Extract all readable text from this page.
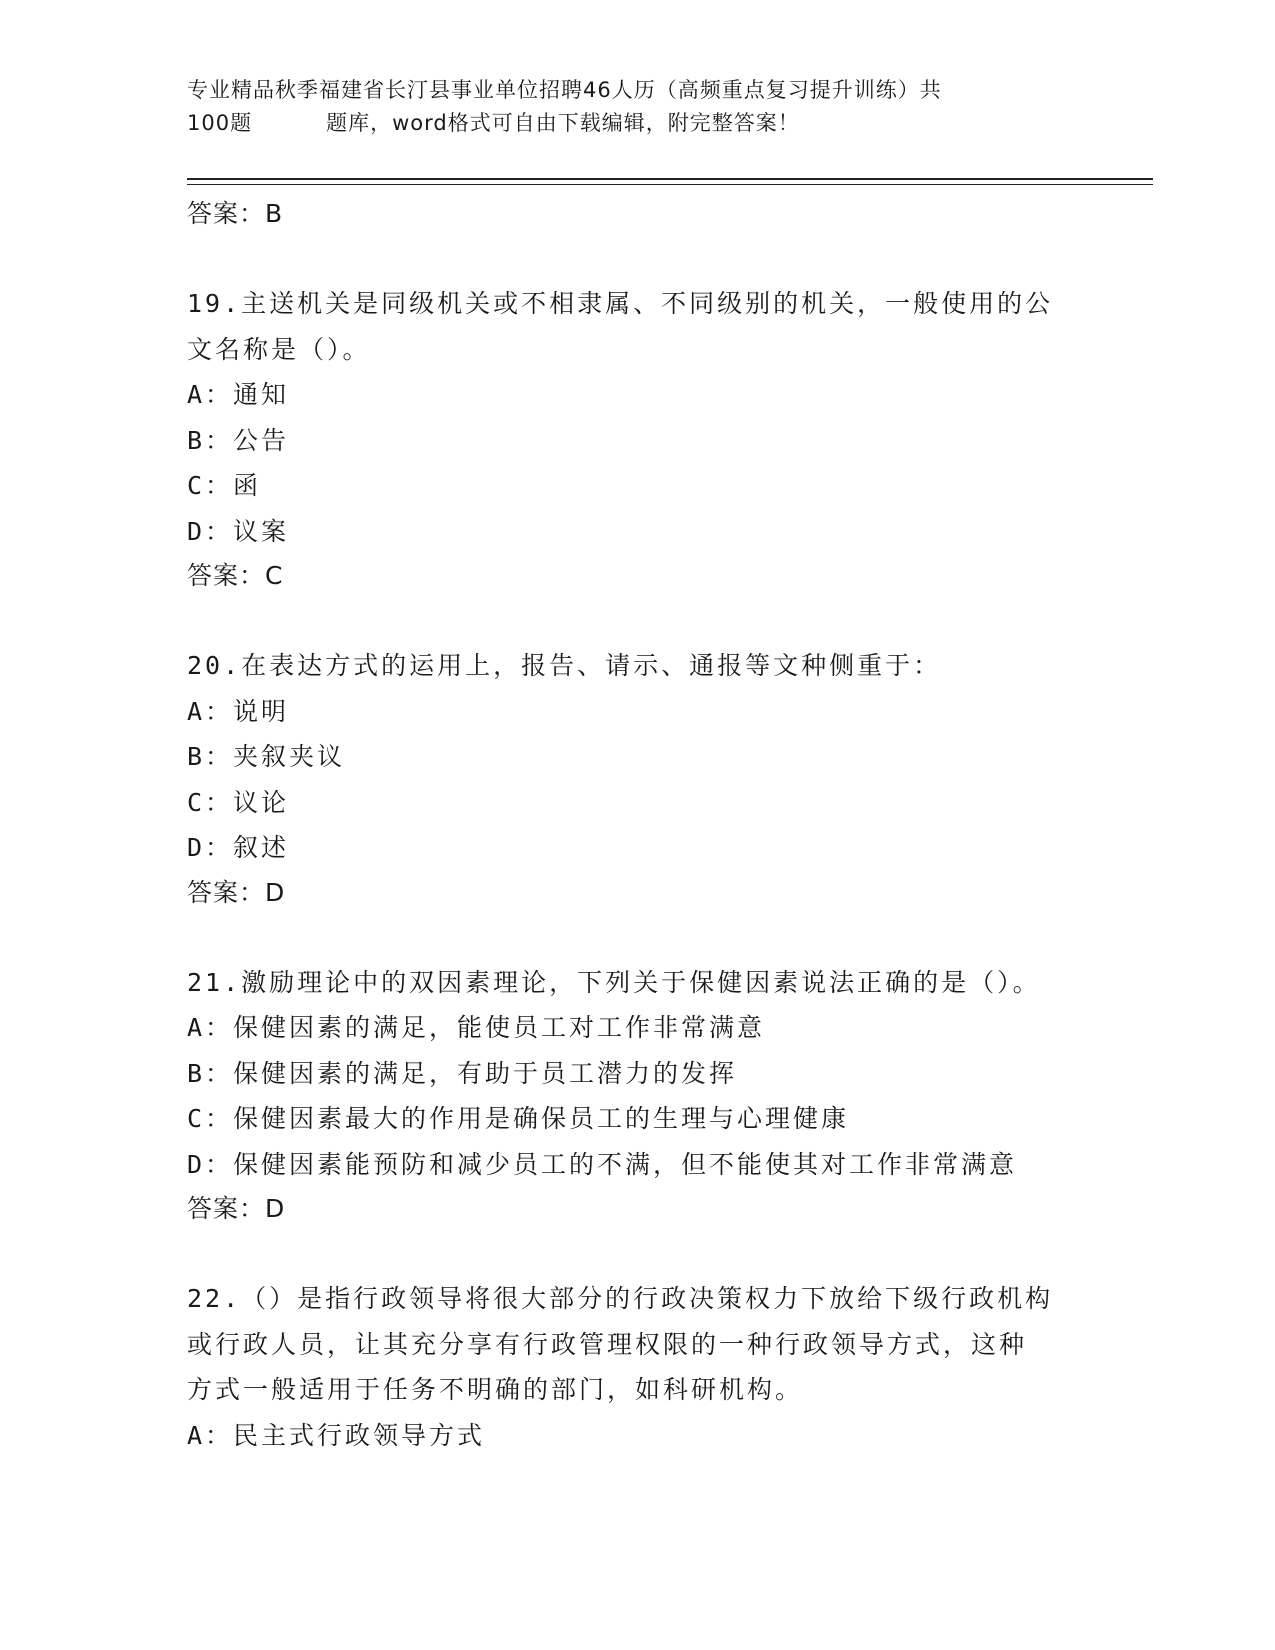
专业精品秋季福建省长汀县事业单位招聘46人历（高频重点复习提升训练）共
100题	题库，word格式可自由下载编辑，附完整答案！
答案：B
19.主送机关是同级机关或不相隶属、不同级别的机关，一般使用的公
文名称是（）。
A：通知
B：公告
C：函
D：议案
答案：C
20.在表达方式的运用上，报告、请示、通报等文种侧重于：
A：说明
B：夹叙夹议
C：议论
D：叙述
答案：D
21.激励理论中的双因素理论，下列关于保健因素说法正确的是（）。
A：保健因素的满足，能使员工对工作非常满意
B：保健因素的满足，有助于员工潜力的发挥
C：保健因素最大的作用是确保员工的生理与心理健康
D：保健因素能预防和减少员工的不满，但不能使其对工作非常满意
答案：D
22.（）是指行政领导将很大部分的行政决策权力下放给下级行政机构
或行政人员，让其充分享有行政管理权限的一种行政领导方式，这种
方式一般适用于任务不明确的部门，如科研机构。
A：民主式行政领导方式
